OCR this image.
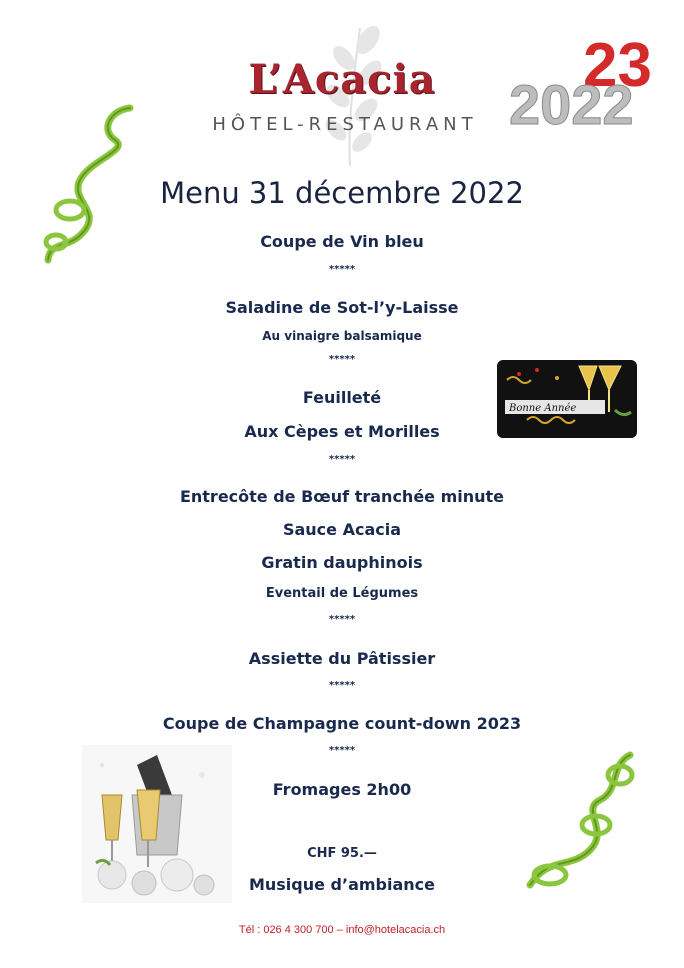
L’Acacia
HÔTEL-RESTAURANT
23
2022
Menu 31 décembre 2022
Coupe de Vin bleu
*****
Saladine de Sot-l’y-Laisse
Au vinaigre balsamique
*****
Feuilleté
Aux Cèpes et Morilles
*****
Entrecôte de Bœuf tranchée minute
Sauce Acacia
Gratin dauphinois
Eventail de Légumes
*****
Assiette du Pâtissier
*****
Coupe de Champagne count-down 2023
*****
Fromages 2h00
CHF 95.—
Musique d’ambiance
Bonne Année
Tél : 026 4 300 700 – info@hotelacacia.ch
